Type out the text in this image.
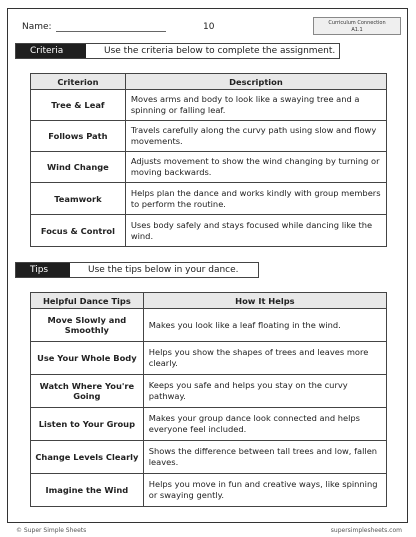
Name:	10	Curriculum Connection
A1.1
Criteria	Use the criteria below to complete the assignment.
Criterion	Description
Tree & Leaf	Moves arms and body to look like a swaying tree and a spinning or falling leaf.
Follows Path	Travels carefully along the curvy path using slow and flowy movements.
Wind Change	Adjusts movement to show the wind changing by turning or moving backwards.
Teamwork	Helps plan the dance and works kindly with group members to perform the routine.
Focus & Control	Uses body safely and stays focused while dancing like the wind.
Tips	Use the tips below in your dance.
Helpful Dance Tips	How It Helps
Move Slowly and Smoothly	Makes you look like a leaf floating in the wind.
Use Your Whole Body	Helps you show the shapes of trees and leaves more clearly.
Watch Where You're Going	Keeps you safe and helps you stay on the curvy pathway.
Listen to Your Group	Makes your group dance look connected and helps everyone feel included.
Change Levels Clearly	Shows the difference between tall trees and low, fallen leaves.
Imagine the Wind	Helps you move in fun and creative ways, like spinning or swaying gently.
© Super Simple Sheets	supersimplesheets.com
